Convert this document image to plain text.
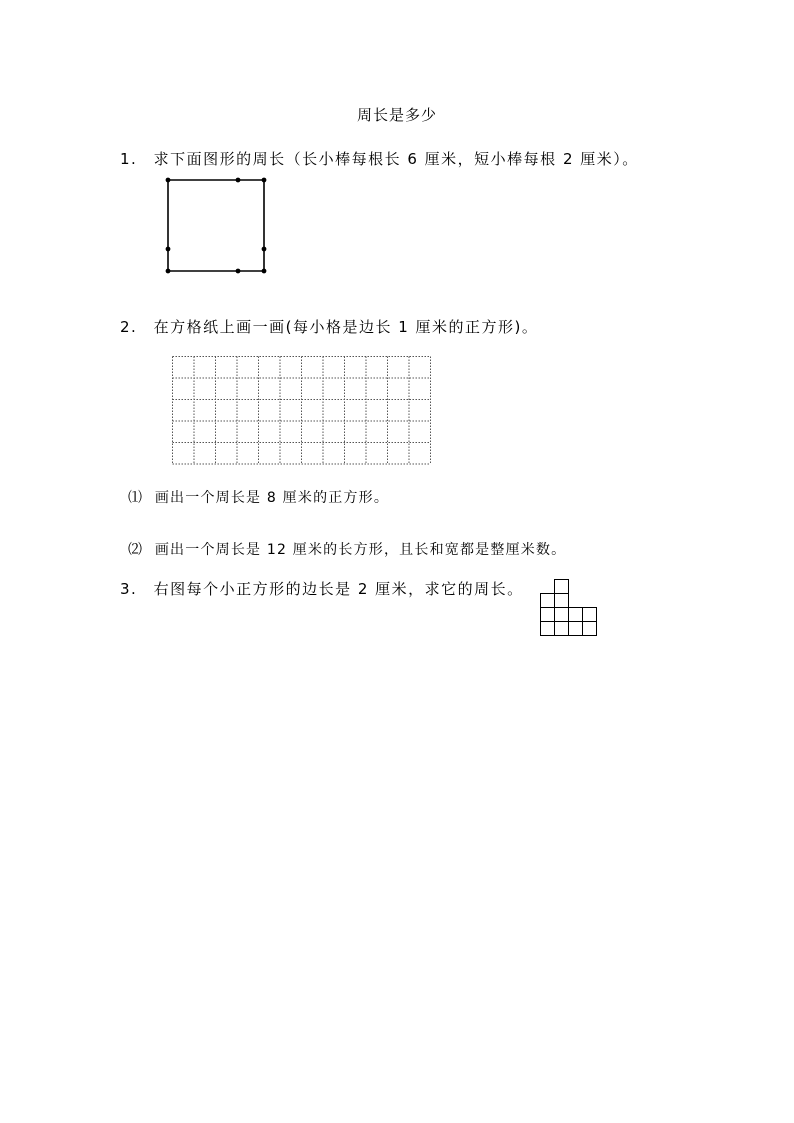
周长是多少
1. 求下面图形的周长（长小棒每根长 6 厘米，短小棒每根 2 厘米）。
2. 在方格纸上画一画(每小格是边长 1 厘米的正方形)。
⑴ 画出一个周长是 8 厘米的正方形。
⑵ 画出一个周长是 12 厘米的长方形，且长和宽都是整厘米数。
3. 右图每个小正方形的边长是 2 厘米，求它的周长。
